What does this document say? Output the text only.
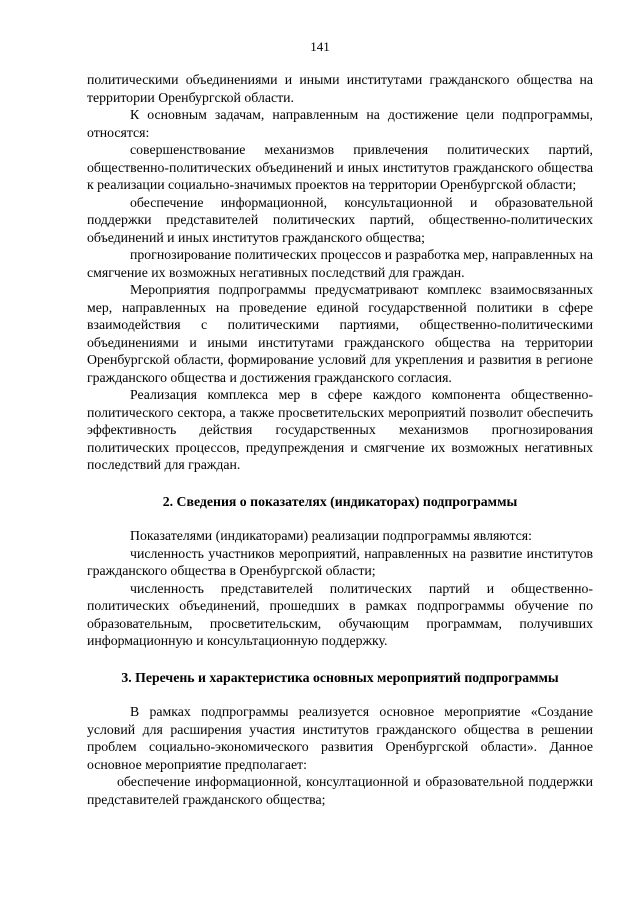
141

политическими объединениями и иными институтами гражданского общества на территории Оренбургской области.

К основным задачам, направленным на достижение цели подпрограммы, относятся:

совершенствование механизмов привлечения политических партий, общественно-политических объединений и иных институтов гражданского общества к реализации социально-значимых проектов на территории Оренбургской области;

обеспечение информационной, консультационной и образовательной поддержки представителей политических партий, общественно-политических объединений и иных институтов гражданского общества;

прогнозирование политических процессов и разработка мер, направленных на смягчение их возможных негативных последствий для граждан.

Мероприятия подпрограммы предусматривают комплекс взаимосвязанных мер, направленных на проведение единой государственной политики в сфере взаимодействия с политическими партиями, общественно-политическими объединениями и иными институтами гражданского общества на территории Оренбургской области, формирование условий для укрепления и развития в регионе гражданского общества и достижения гражданского согласия.

Реализация комплекса мер в сфере каждого компонента общественно-политического сектора, а также просветительских мероприятий позволит обеспечить эффективность действия государственных механизмов прогнозирования политических процессов, предупреждения и смягчение их возможных негативных последствий для граждан.

2. Сведения о показателях (индикаторах) подпрограммы

Показателями (индикаторами) реализации подпрограммы являются:

численность участников мероприятий, направленных на развитие институтов гражданского общества в Оренбургской области;

численность представителей политических партий и общественно-политических объединений, прошедших в рамках подпрограммы обучение по образовательным, просветительским, обучающим программам, получивших информационную и консультационную поддержку.

3. Перечень и характеристика основных мероприятий подпрограммы

В рамках подпрограммы реализуется основное мероприятие «Создание условий для расширения участия институтов гражданского общества в решении проблем социально-экономического развития Оренбургской области». Данное основное мероприятие предполагает:

обеспечение информационной, консултационной и образовательной поддержки представителей гражданского общества;
